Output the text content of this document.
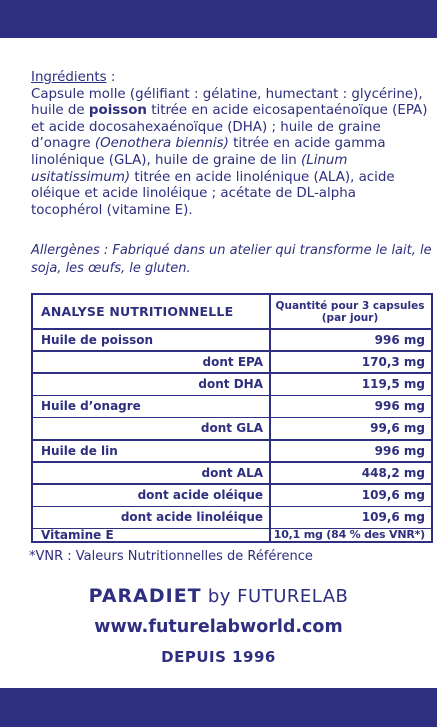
Ingrédients :
Capsule molle (gélifiant : gélatine, humectant : glycérine), huile de poisson titrée en acide eicosapentaénoïque (EPA) et acide docosahexaénoïque (DHA) ; huile de graine d’onagre (Oenothera biennis) titrée en acide gamma linolénique (GLA), huile de graine de lin (Linum usitatissimum) titrée en acide linolénique (ALA), acide oléique et acide linoléique ; acétate de DL-alpha tocophérol (vitamine E).
Allergènes : Fabriqué dans un atelier qui transforme le lait, le soja, les œufs, le gluten.
ANALYSE NUTRITIONNELLE	Quantité pour 3 capsules
(par jour)
Huile de poisson	996 mg
dont EPA	170,3 mg
dont DHA	119,5 mg
Huile d’onagre	996 mg
dont GLA	99,6 mg
Huile de lin	996 mg
dont ALA	448,2 mg
dont acide oléique	109,6 mg
dont acide linoléique	109,6 mg
Vitamine E	10,1 mg (84 % des VNR*)
*VNR : Valeurs Nutritionnelles de Référence
PARADIET by FUTURELAB
www.futurelabworld.com
DEPUIS 1996
